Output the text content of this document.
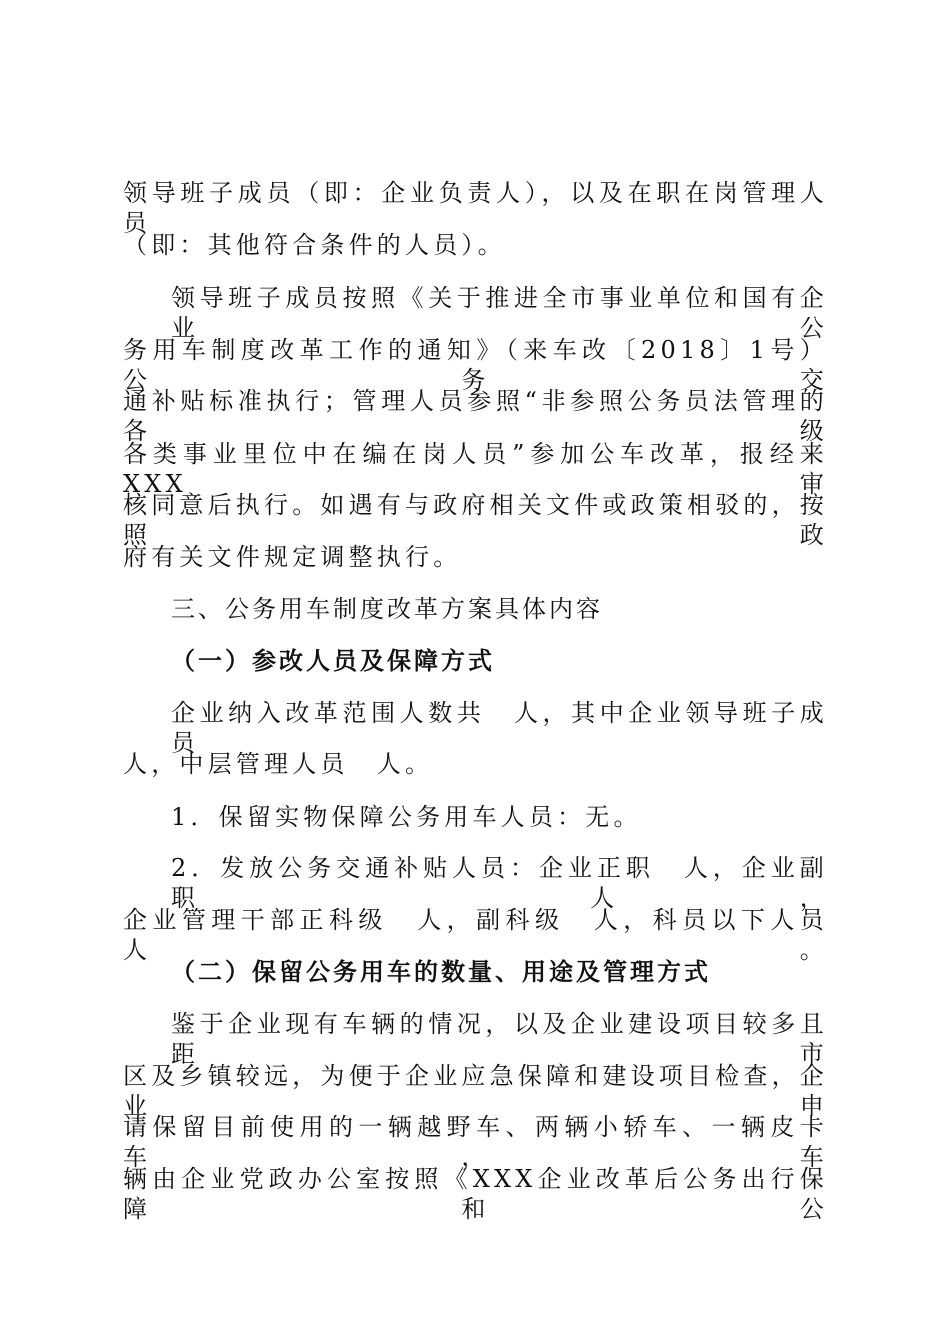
领导班子成员（即：企业负责人），以及在职在岗管理人员
（即：其他符合条件的人员）。
领导班子成员按照《关于推进全市事业单位和国有企业公
务用车制度改革工作的通知》（来车改〔2018〕1号）公务交
通补贴标准执行；管理人员参照“非参照公务员法管理的各级
各类事业里位中在编在岗人员”参加公车改革，报经来XXX审
核同意后执行。如遇有与政府相关文件或政策相驳的，按照政
府有关文件规定调整执行。
三、公务用车制度改革方案具体内容
（一）参改人员及保障方式
企业纳入改革范围人数共　人，其中企业领导班子成员
人，中层管理人员　人。
1．保留实物保障公务用车人员：无。
2．发放公务交通补贴人员：企业正职　人，企业副职　人，
企业管理干部正科级　人，副科级　人，科员以下人员　人。
（二）保留公务用车的数量、用途及管理方式
鉴于企业现有车辆的情况，以及企业建设项目较多且距市
区及乡镇较远，为便于企业应急保障和建设项目检查，企业申
请保留目前使用的一辆越野车、两辆小轿车、一辆皮卡车，车
辆由企业党政办公室按照《XXX企业改革后公务出行保障和公
